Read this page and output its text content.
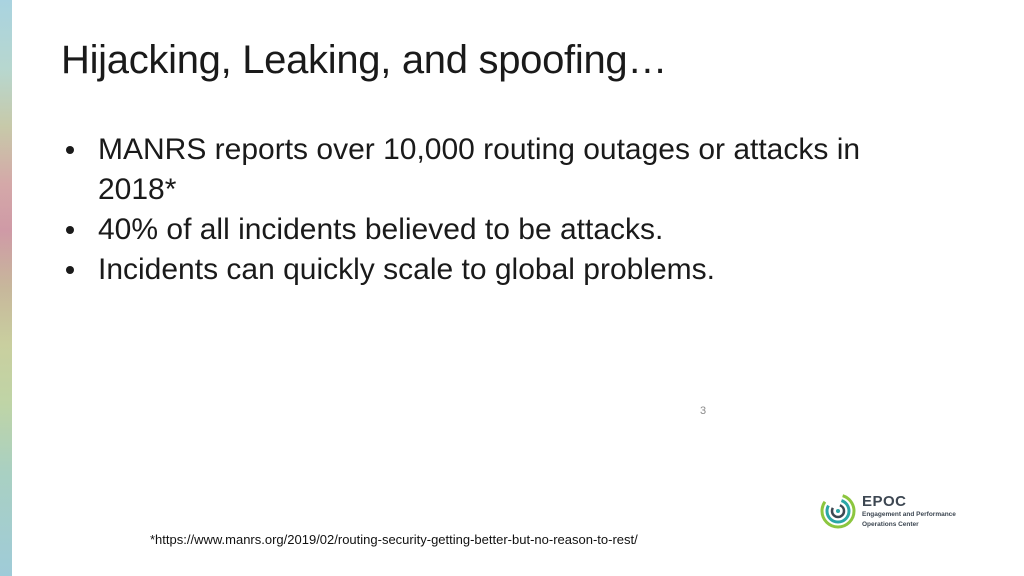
Hijacking, Leaking, and spoofing…
MANRS reports over 10,000 routing outages or attacks in 2018*
40% of all incidents believed to be attacks.
Incidents can quickly scale to global problems.
3
*https://www.manrs.org/2019/02/routing-security-getting-better-but-no-reason-to-rest/
EPOC
Engagement and Performance
Operations Center
